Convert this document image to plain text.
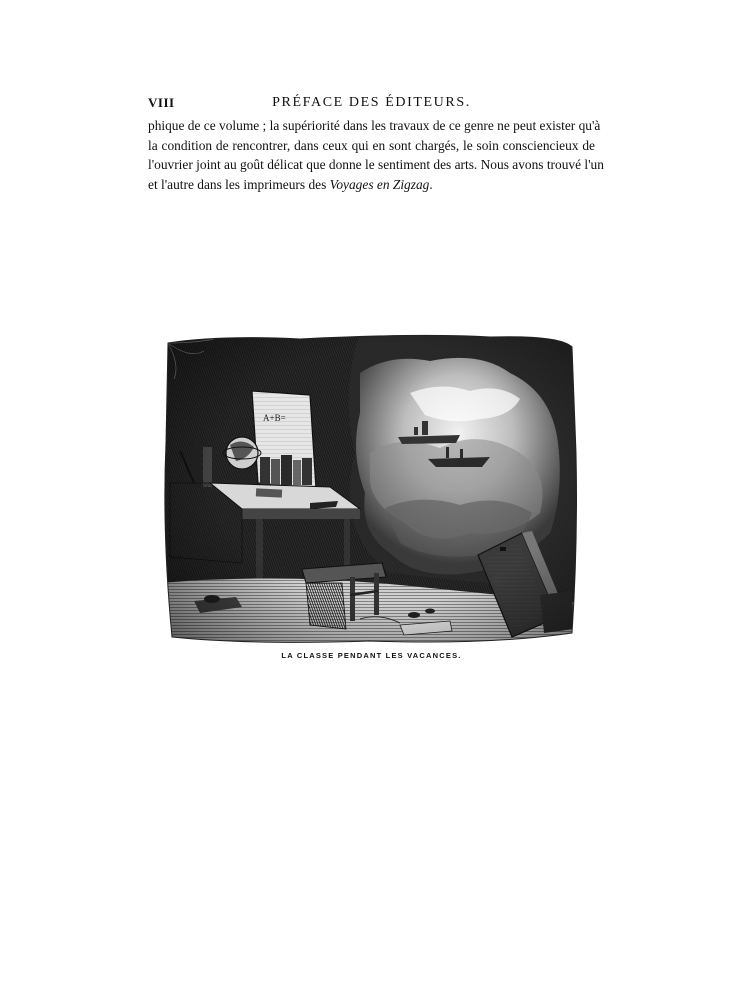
VIII	PRÉFACE DES ÉDITEURS.
phique de ce volume ; la supériorité dans les travaux de ce genre ne peut exister qu'à
la condition de rencontrer, dans ceux qui en sont chargés, le soin consciencieux de
l'ouvrier joint au goût délicat que donne le sentiment des arts. Nous avons trouvé l'un
et l'autre dans les imprimeurs des Voyages en Zigzag.
LA CLASSE PENDANT LES VACANCES.
